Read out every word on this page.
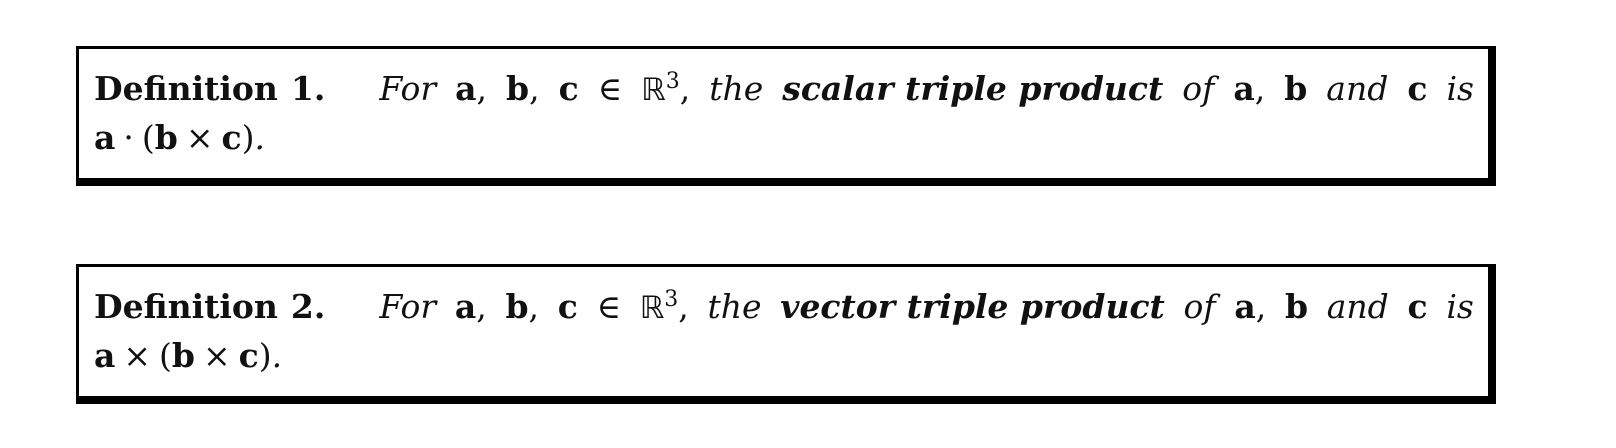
Definition 1. For a, b, c ∈ ℝ$^3$, the scalar triple product of a, b and c is
a · (b × c).
Definition 2. For a, b, c ∈ ℝ$^3$, the vector triple product of a, b and c is
a × (b × c).
